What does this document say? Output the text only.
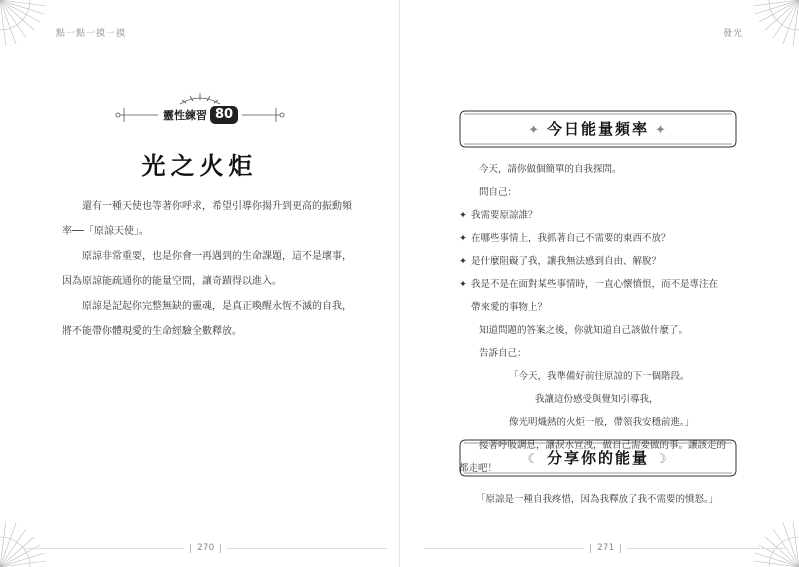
點一點一摸一摸
靈性練習 80
光之火炬

還有一種天使也等著你呼求，希望引導你揚升到更高的振動頻率──「原諒天使」。

原諒非常重要，也是你會一再遇到的生命課題，這不是壞事，因為原諒能疏通你的能量空間，讓奇蹟得以進入。

原諒是記起你完整無缺的靈魂，是真正喚醒永恆不滅的自我，將不能帶你體現愛的生命經驗全數釋放。

270
發光
271
✦ 今日能量頻率 ✦
今天，請你做個簡單的自我探問。
問自己：
✦ 我需要原諒誰？
✦ 在哪些事情上，我抓著自己不需要的東西不放？
✦ 是什麼阻礙了我，讓我無法感到自由、解脫？
✦ 我是不是在面對某些事情時，一直心懷憤恨，而不是專注在
帶來愛的事物上？
知道問題的答案之後，你就知道自己該做什麼了。
告訴自己：
「今天，我準備好前往原諒的下一個階段。
我讓這份感受與覺知引導我，
像光明熾熱的火炬一般，帶領我安穩前進。」
接著呼吸調息，讓淚水宣洩，做自己需要做的事。讓該走的
都走吧！
☾ 分享你的能量 ☽
「原諒是一種自我疼惜，因為我釋放了我不需要的憤怒。」
